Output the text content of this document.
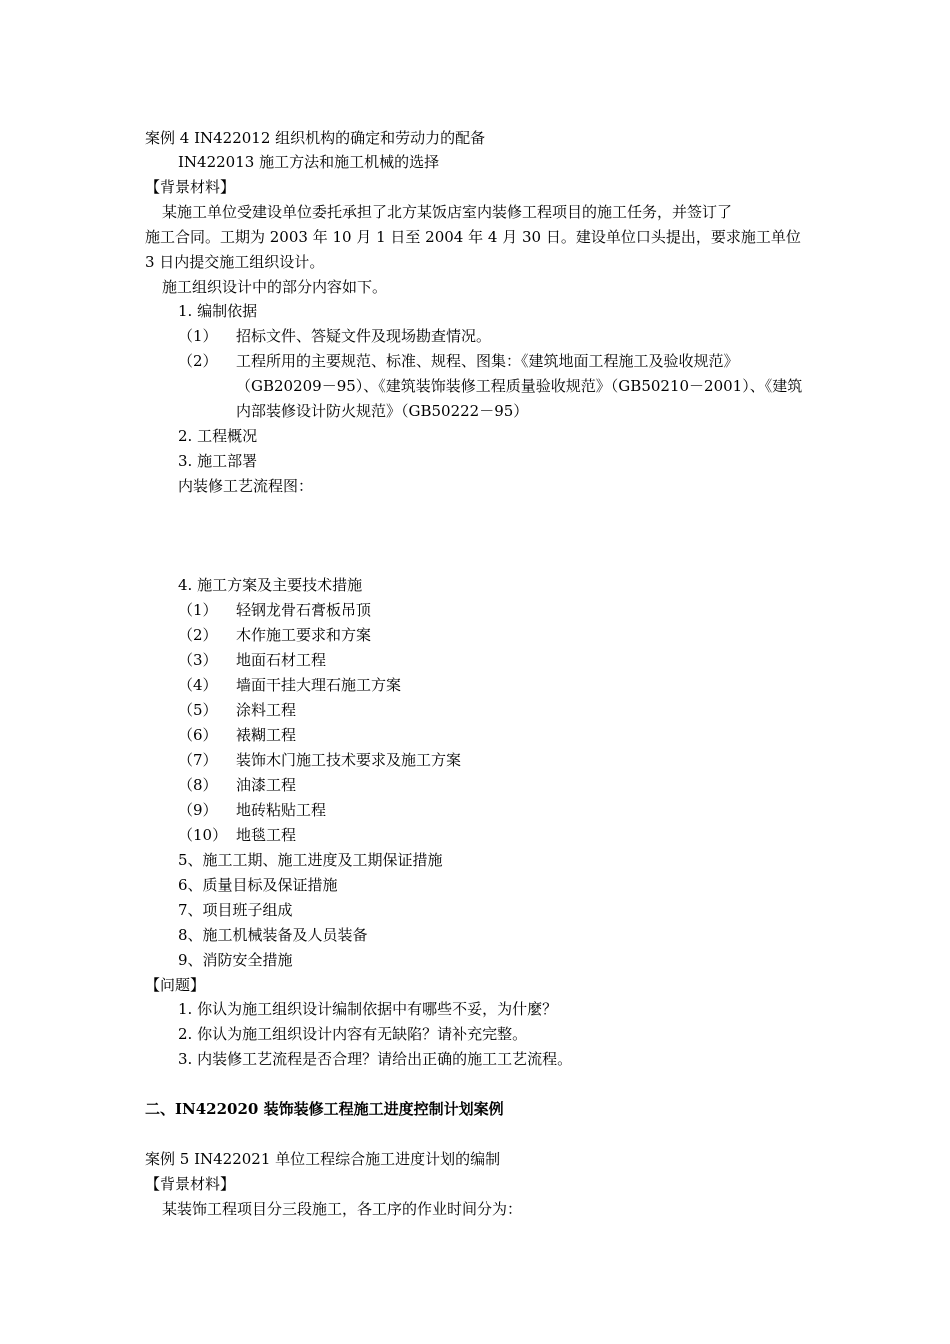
案例 4 IN422012 组织机构的确定和劳动力的配备
IN422013 施工方法和施工机械的选择
【背景材料】
某施工单位受建设单位委托承担了北方某饭店室内装修工程项目的施工任务，并签订了
施工合同。工期为 2003 年 10 月 1 日至 2004 年 4 月 30 日。建设单位口头提出，要求施工单位
3 日内提交施工组织设计。
施工组织设计中的部分内容如下。
1. 编制依据
（1） 招标文件、答疑文件及现场勘查情况。
（2） 工程所用的主要规范、标准、规程、图集：《建筑地面工程施工及验收规范》
（GB20209－95）、《建筑装饰装修工程质量验收规范》（GB50210－2001）、《建筑
内部装修设计防火规范》（GB50222－95）
2. 工程概况
3. 施工部署
内装修工艺流程图：
4. 施工方案及主要技术措施
（1） 轻钢龙骨石膏板吊顶
（2） 木作施工要求和方案
（3） 地面石材工程
（4） 墙面干挂大理石施工方案
（5） 涂料工程
（6） 裱糊工程
（7） 装饰木门施工技术要求及施工方案
（8） 油漆工程
（9） 地砖粘贴工程
（10） 地毯工程
5、施工工期、施工进度及工期保证措施
6、质量目标及保证措施
7、项目班子组成
8、施工机械装备及人员装备
9、消防安全措施
【问题】
1. 你认为施工组织设计编制依据中有哪些不妥，为什麼？
2. 你认为施工组织设计内容有无缺陷？请补充完整。
3. 内装修工艺流程是否合理？请给出正确的施工工艺流程。
二、IN422020 装饰装修工程施工进度控制计划案例
案例 5 IN422021 单位工程综合施工进度计划的编制
【背景材料】
某装饰工程项目分三段施工，各工序的作业时间分为：
